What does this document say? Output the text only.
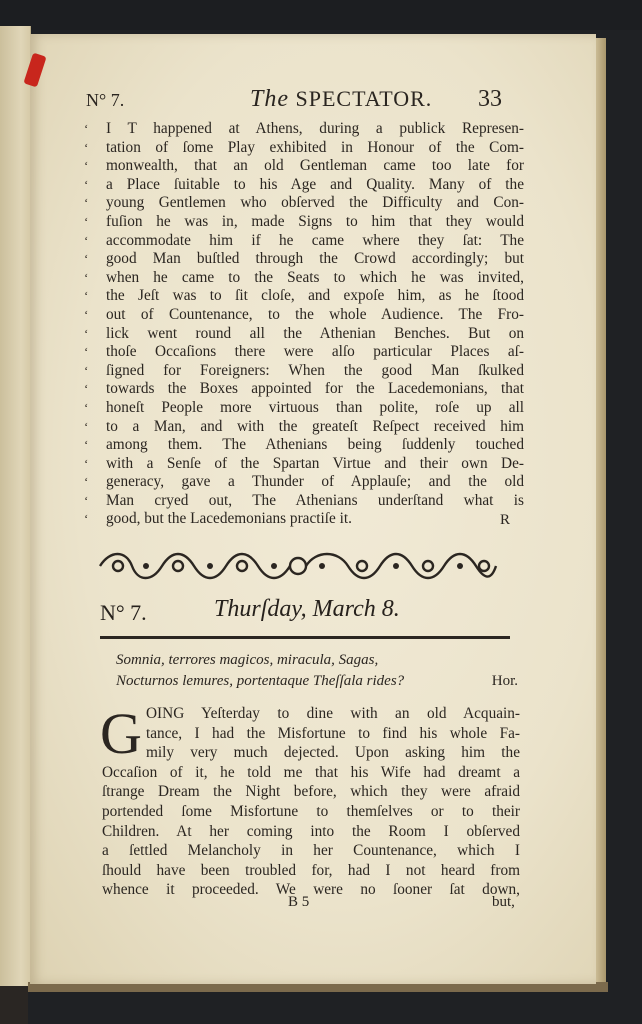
N° 7.	The SPECTATOR. 33
‘	I T happened at Athens, during a publick Represen-
‘	tation of ſome Play exhibited in Honour of the Com-
‘	monwealth, that an old Gentleman came too late for
‘	a Place ſuitable to his Age and Quality. Many of the
‘	young Gentlemen who obſerved the Difficulty and Con-
‘	fuſion he was in, made Signs to him that they would
‘	accommodate him if he came where they ſat: The
‘	good Man buſtled through the Crowd accordingly; but
‘	when he came to the Seats to which he was invited,
‘	the Jeſt was to ſit cloſe, and expoſe him, as he ſtood
‘	out of Countenance, to the whole Audience. The Fro-
‘	lick went round all the Athenian Benches. But on
‘	thoſe Occaſions there were alſo particular Places aſ-
‘	ſigned for Foreigners: When the good Man ſkulked
‘	towards the Boxes appointed for the Lacedemonians, that
‘	honeſt People more virtuous than polite, roſe up all
‘	to a Man, and with the greateſt Reſpect received him
‘	among them. The Athenians being ſuddenly touched
‘	with a Senſe of the Spartan Virtue and their own De-
‘	generacy, gave a Thunder of Applauſe; and the old
‘	Man cryed out, The Athenians underſtand what is
‘	good, but the Lacedemonians practiſe it.	R
N° 7.	Thurſday, March 8.
Somnia, terrores magicos, miracula, Sagas,
Nocturnos lemures, portentaque Theſſala rides?	Hor.
G OING Yeſterday to dine with an old Acquain-
tance, I had the Misfortune to find his whole Fa-
mily very much dejected. Upon asking him the
Occaſion of it, he told me that his Wife had dreamt a
ſtrange Dream the Night before, which they were afraid
portended ſome Misfortune to themſelves or to their
Children. At her coming into the Room I obſerved
a ſettled Melancholy in her Countenance, which I
ſhould have been troubled for, had I not heard from
whence it proceeded. We were no ſooner ſat down,
B 5	but,
